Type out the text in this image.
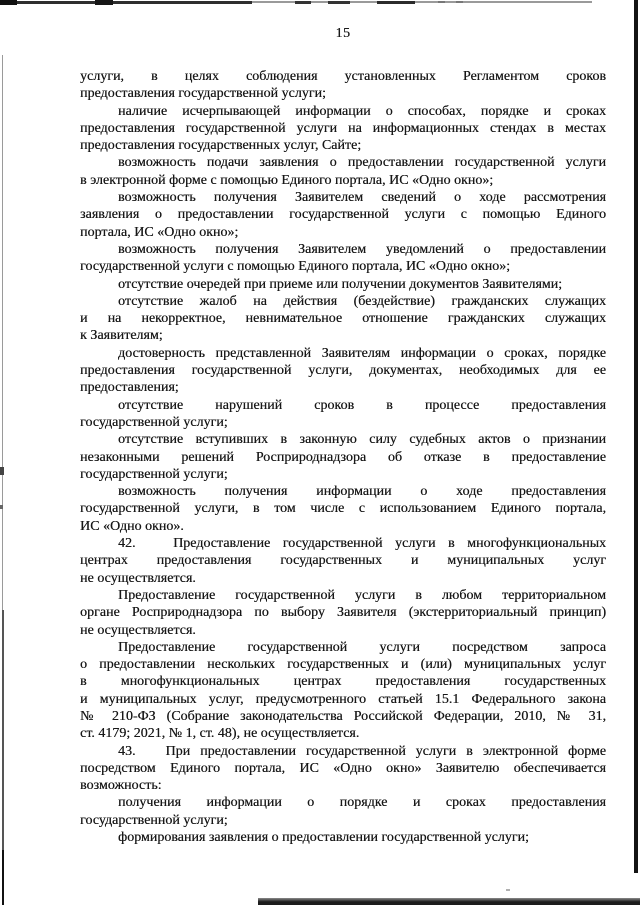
15
услуги, в целях соблюдения установленных Регламентом сроков
предоставления государственной услуги;
наличие исчерпывающей информации о способах, порядке и сроках
предоставления государственной услуги на информационных стендах в местах
предоставления государственных услуг, Сайте;
возможность подачи заявления о предоставлении государственной услуги
в электронной форме с помощью Единого портала, ИС «Одно окно»;
возможность получения Заявителем сведений о ходе рассмотрения
заявления о предоставлении государственной услуги с помощью Единого
портала, ИС «Одно окно»;
возможность получения Заявителем уведомлений о предоставлении
государственной услуги с помощью Единого портала, ИС «Одно окно»;
отсутствие очередей при приеме или получении документов Заявителями;
отсутствие жалоб на действия (бездействие) гражданских служащих
и на некорректное, невнимательное отношение гражданских служащих
к Заявителям;
достоверность представленной Заявителям информации о сроках, порядке
предоставления государственной услуги, документах, необходимых для ее
предоставления;
отсутствие нарушений сроков в процессе предоставления
государственной услуги;
отсутствие вступивших в законную силу судебных актов о признании
незаконными решений Росприроднадзора об отказе в предоставление
государственной услуги;
возможность получения информации о ходе предоставления
государственной услуги, в том числе с использованием Единого портала,
ИС «Одно окно».
42.   Предоставление государственной услуги в многофункциональных
центрах предоставления государственных и муниципальных услуг
не осуществляется.
Предоставление государственной услуги в любом территориальном
органе Росприроднадзора по выбору Заявителя (экстерриториальный принцип)
не осуществляется.
Предоставление государственной услуги посредством запроса
о предоставлении нескольких государственных и (или) муниципальных услуг
в многофункциональных центрах предоставления государственных
и муниципальных услуг, предусмотренного статьей 15.1 Федерального закона
№ 210-ФЗ (Собрание законодательства Российской Федерации, 2010, № 31,
ст. 4179; 2021, № 1, ст. 48), не осуществляется.
43.   При предоставлении государственной услуги в электронной форме
посредством Единого портала, ИС «Одно окно» Заявителю обеспечивается
возможность:
получения информации о порядке и сроках предоставления
государственной услуги;
формирования заявления о предоставлении государственной услуги;
